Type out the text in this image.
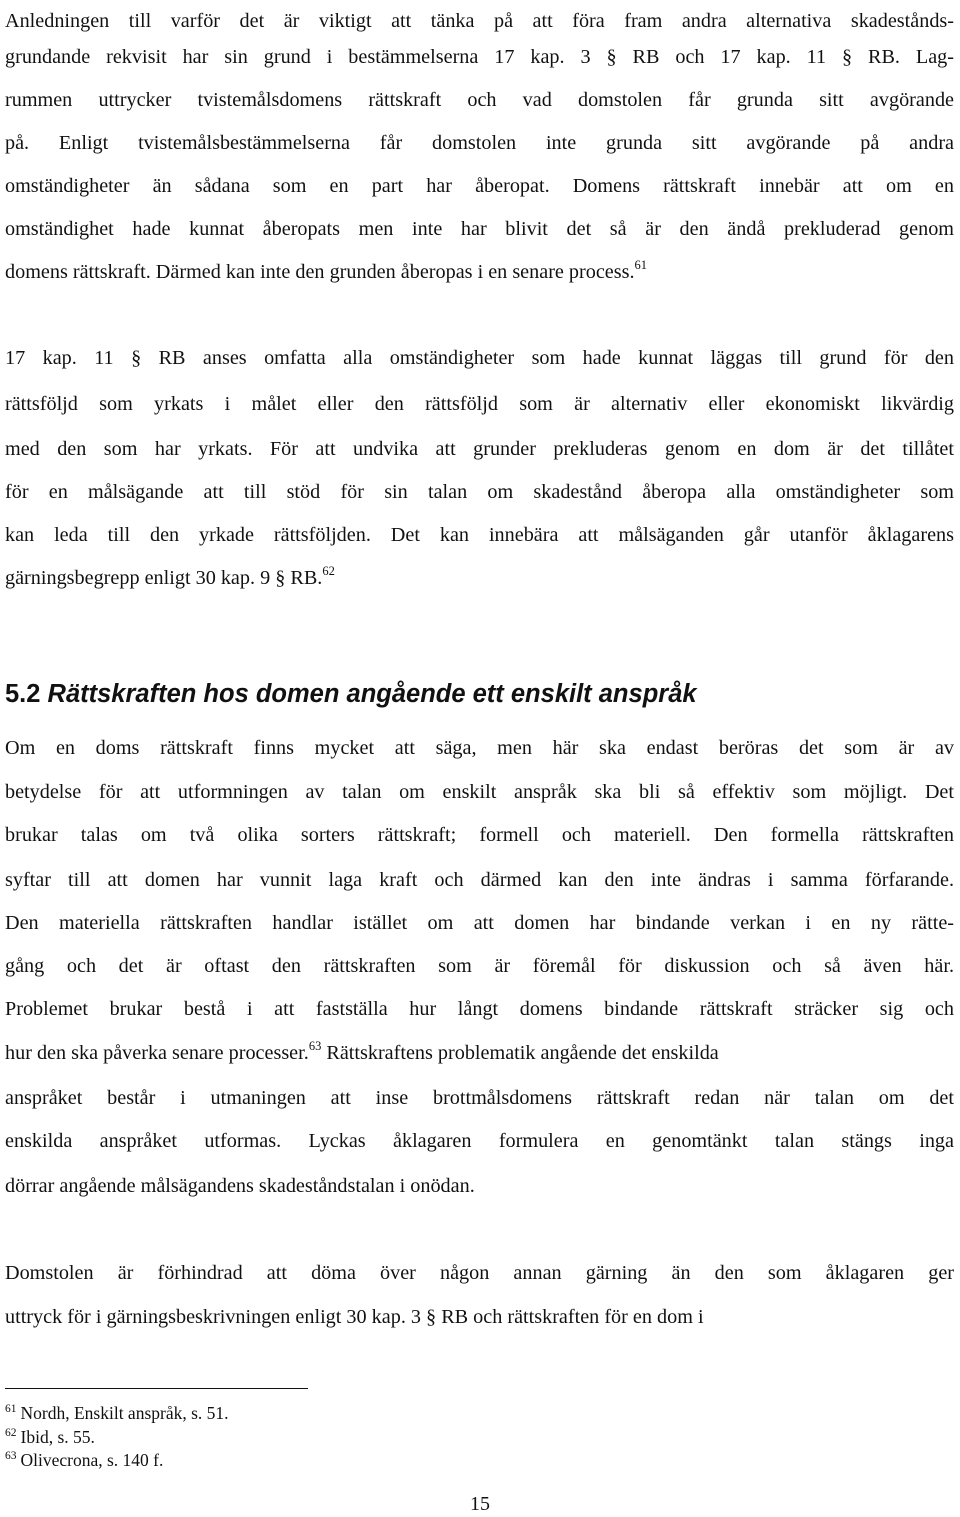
Anledningen till varför det är viktigt att tänka på att föra fram andra alternativa skadestånds-
grundande rekvisit har sin grund i bestämmelserna 17 kap. 3 § RB och 17 kap. 11 § RB. Lag-
rummen uttrycker tvistemålsdomens rättskraft och vad domstolen får grunda sitt avgörande
på. Enligt tvistemålsbestämmelserna får domstolen inte grunda sitt avgörande på andra
omständigheter än sådana som en part har åberopat. Domens rättskraft innebär att om en
omständighet hade kunnat åberopats men inte har blivit det så är den ändå prekluderad genom
domens rättskraft. Därmed kan inte den grunden åberopas i en senare process.$^{61}$
17 kap. 11 § RB anses omfatta alla omständigheter som hade kunnat läggas till grund för den
rättsföljd som yrkats i målet eller den rättsföljd som är alternativ eller ekonomiskt likvärdig
med den som har yrkats. För att undvika att grunder prekluderas genom en dom är det tillåtet
för en målsägande att till stöd för sin talan om skadestånd åberopa alla omständigheter som
kan leda till den yrkade rättsföljden. Det kan innebära att målsäganden går utanför åklagarens
gärningsbegrepp enligt 30 kap. 9 § RB.$^{62}$
5.2 Rättskraften hos domen angående ett enskilt anspråk
Om en doms rättskraft finns mycket att säga, men här ska endast beröras det som är av
betydelse för att utformningen av talan om enskilt anspråk ska bli så effektiv som möjligt. Det
brukar talas om två olika sorters rättskraft; formell och materiell. Den formella rättskraften
syftar till att domen har vunnit laga kraft och därmed kan den inte ändras i samma förfarande.
Den materiella rättskraften handlar istället om att domen har bindande verkan i en ny rätte-
gång och det är oftast den rättskraften som är föremål för diskussion och så även här.
Problemet brukar bestå i att fastställa hur långt domens bindande rättskraft sträcker sig och
hur den ska påverka senare processer.$^{63}$ Rättskraftens problematik angående det enskilda
anspråket består i utmaningen att inse brottmålsdomens rättskraft redan när talan om det
enskilda anspråket utformas. Lyckas åklagaren formulera en genomtänkt talan stängs inga
dörrar angående målsägandens skadeståndstalan i onödan.
Domstolen är förhindrad att döma över någon annan gärning än den som åklagaren ger
uttryck för i gärningsbeskrivningen enligt 30 kap. 3 § RB och rättskraften för en dom i
$^{61}$ Nordh, Enskilt anspråk, s. 51.
$^{62}$ Ibid, s. 55.
$^{63}$ Olivecrona, s. 140 f.
15
